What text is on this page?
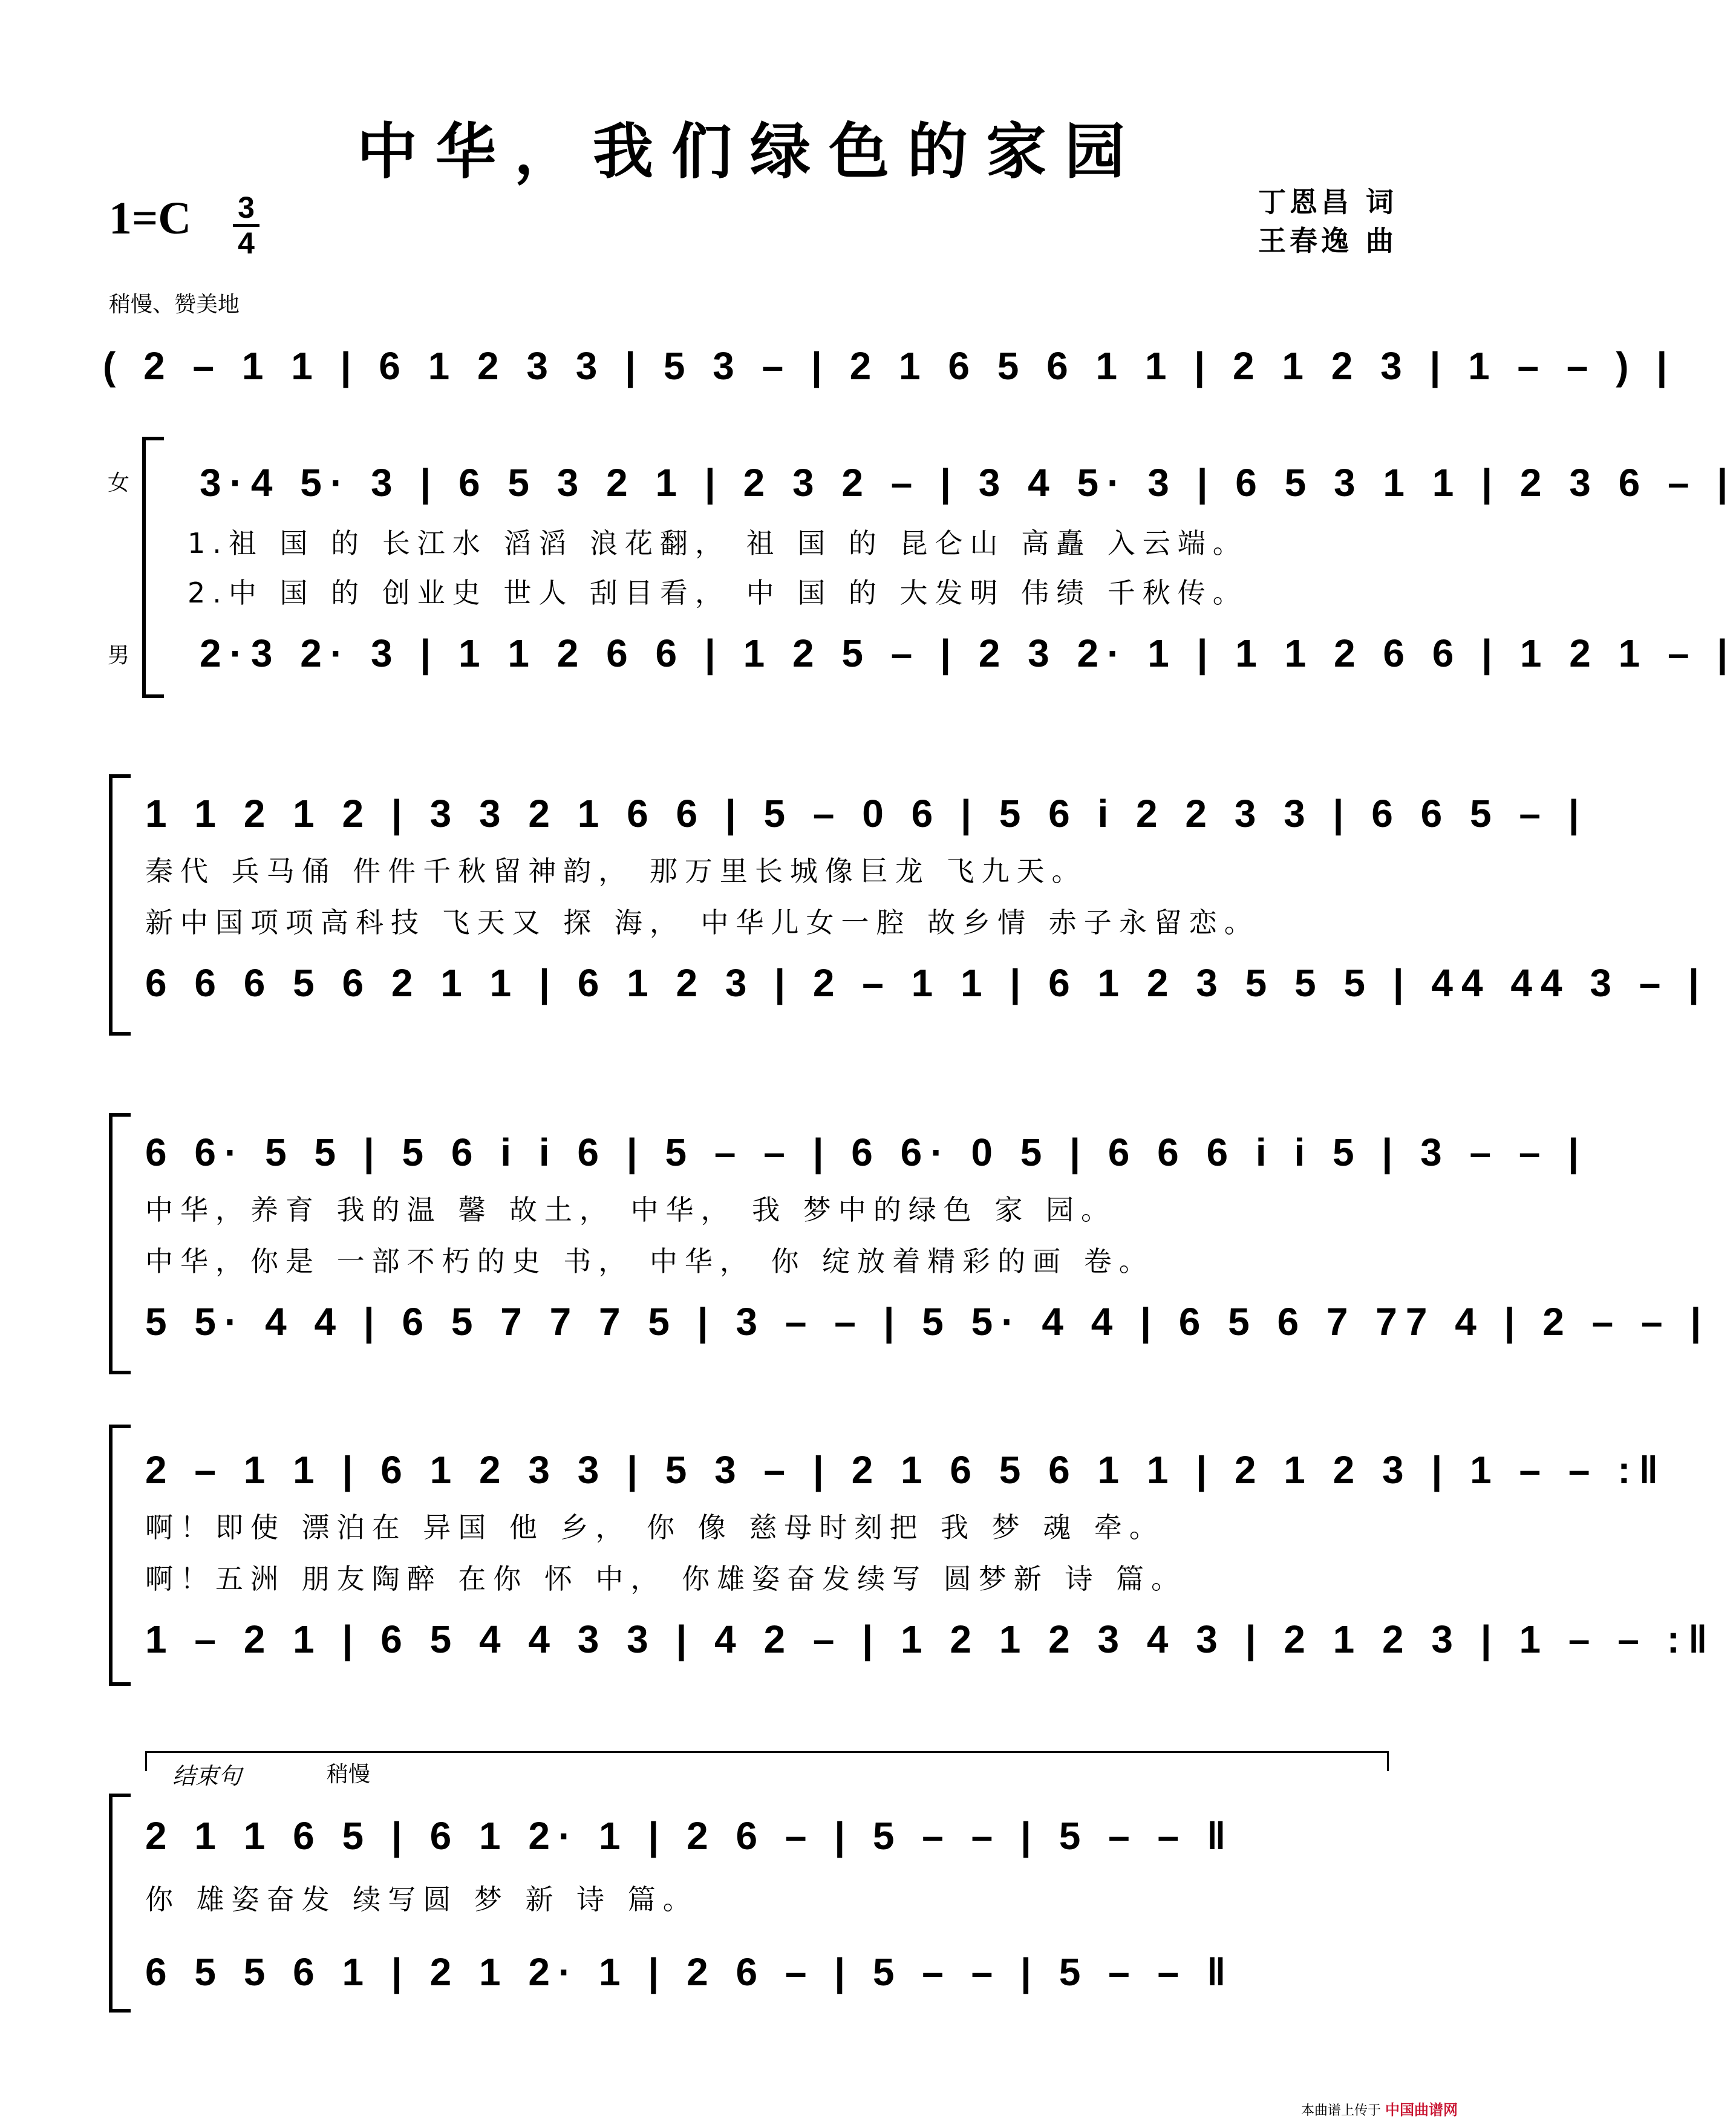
中华，我们绿色的家园
1=C 3
4
丁恩昌 词
王春逸 曲
稍慢、赞美地
( 2 – 1 1 | 6 1 2 3 3 | 5 3 – | 2 1 6 5 6 1 1 | 2 1 2 3 | 1 – – ) |
女
男
3·4 5· 3 | 6 5 3 2 1 | 2 3 2 – | 3 4 5· 3 | 6 5 3 1 1 | 2 3 6 – |
1.祖 国 的 长江水 滔滔 浪花翻， 祖 国 的 昆仑山 高矗 入云端。
2.中 国 的 创业史 世人 刮目看， 中 国 的 大发明 伟绩 千秋传。
2·3 2· 3 | 1 1 2 6 6 | 1 2 5 – | 2 3 2· 1 | 1 1 2 6 6 | 1 2 1 – |
1 1 2 1 2 | 3 3 2 1 6 6 | 5 – 0 6 | 5 6 i 2 2 3 3 | 6 6 5 – |
秦代 兵马俑 件件千秋留神韵， 那万里长城像巨龙 飞九天。
新中国项项高科技 飞天又 探 海， 中华儿女一腔 故乡情 赤子永留恋。
6 6 6 5 6 2 1 1 | 6 1 2 3 | 2 – 1 1 | 6 1 2 3 5 5 5 | 44 44 3 – |
6 6· 5 5 | 5 6 i i 6 | 5 – – | 6 6· 0 5 | 6 6 6 i i 5 | 3 – – |
中华，养育 我的温 馨 故土， 中华， 我 梦中的绿色 家 园。
中华，你是 一部不朽的史 书， 中华， 你 绽放着精彩的画 卷。
5 5· 4 4 | 6 5 7 7 7 5 | 3 – – | 5 5· 4 4 | 6 5 6 7 77 4 | 2 – – |
2 – 1 1 | 6 1 2 3 3 | 5 3 – | 2 1 6 5 6 1 1 | 2 1 2 3 | 1 – – :‖
啊！即使 漂泊在 异国 他 乡， 你 像 慈母时刻把 我 梦 魂 牵。
啊！五洲 朋友陶醉 在你 怀 中， 你雄姿奋发续写 圆梦新 诗 篇。
1 – 2 1 | 6 5 4 4 3 3 | 4 2 – | 1 2 1 2 3 4 3 | 2 1 2 3 | 1 – – :‖
结束句	稍慢
2 1 1 6 5 | 6 1 2· 1 | 2 6 – | 5 – – | 5 – – ‖
你 雄姿奋发 续写圆 梦 新 诗 篇。
6 5 5 6 1 | 2 1 2· 1 | 2 6 – | 5 – – | 5 – – ‖
本曲谱上传于 中国曲谱网
